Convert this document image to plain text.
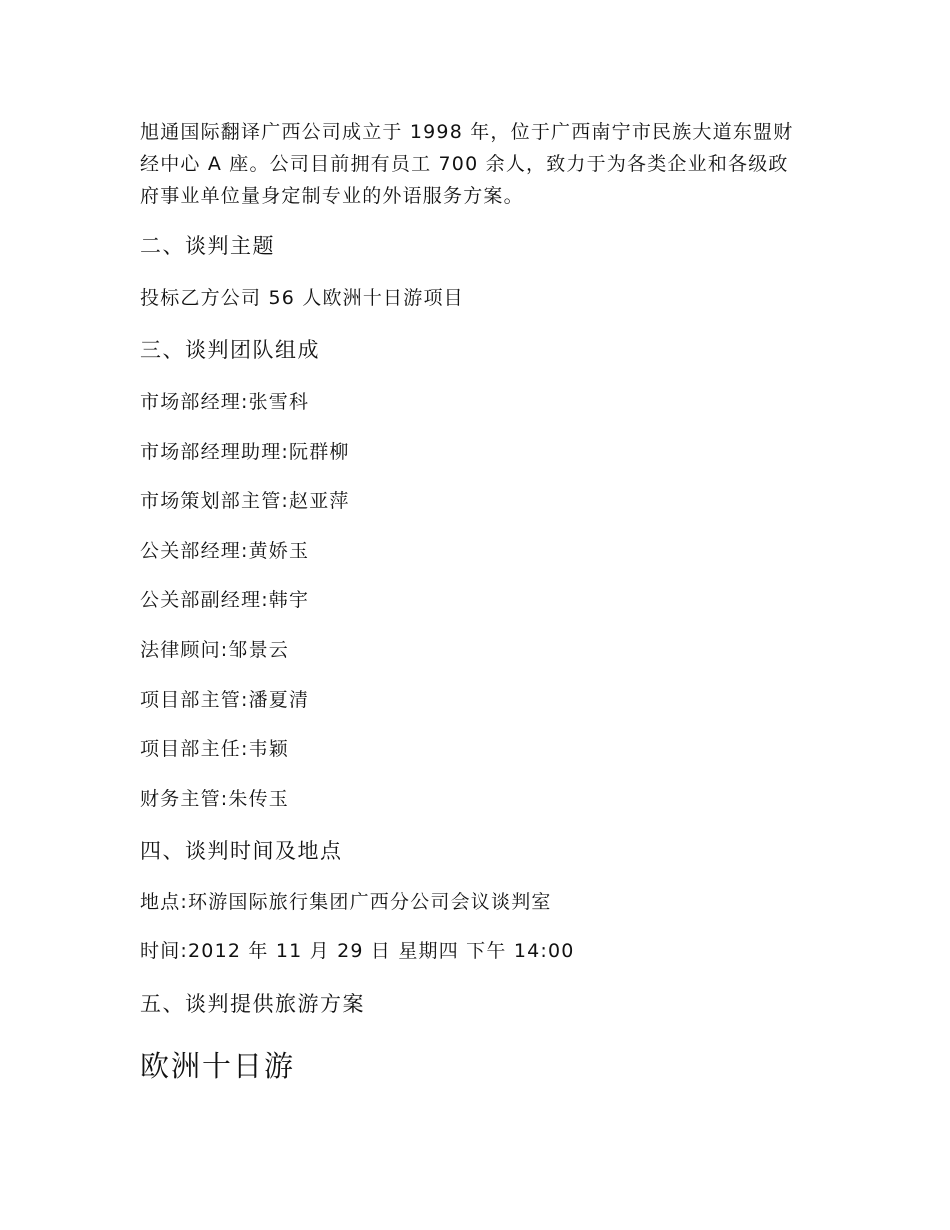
旭通国际翻译广西公司成立于 1998 年，位于广西南宁市民族大道东盟财

经中心 A 座。公司目前拥有员工 700 余人，致力于为各类企业和各级政

府事业单位量身定制专业的外语服务方案。

二、谈判主题

投标乙方公司 56 人欧洲十日游项目

三、谈判团队组成

市场部经理:张雪科

市场部经理助理:阮群柳

市场策划部主管:赵亚萍

公关部经理:黄娇玉

公关部副经理:韩宇

法律顾问:邹景云

项目部主管:潘夏清

项目部主任:韦颖

财务主管:朱传玉

四、谈判时间及地点

地点:环游国际旅行集团广西分公司会议谈判室

时间:2012 年 11 月 29 日 星期四 下午 14:00

五、谈判提供旅游方案
欧洲十日游
